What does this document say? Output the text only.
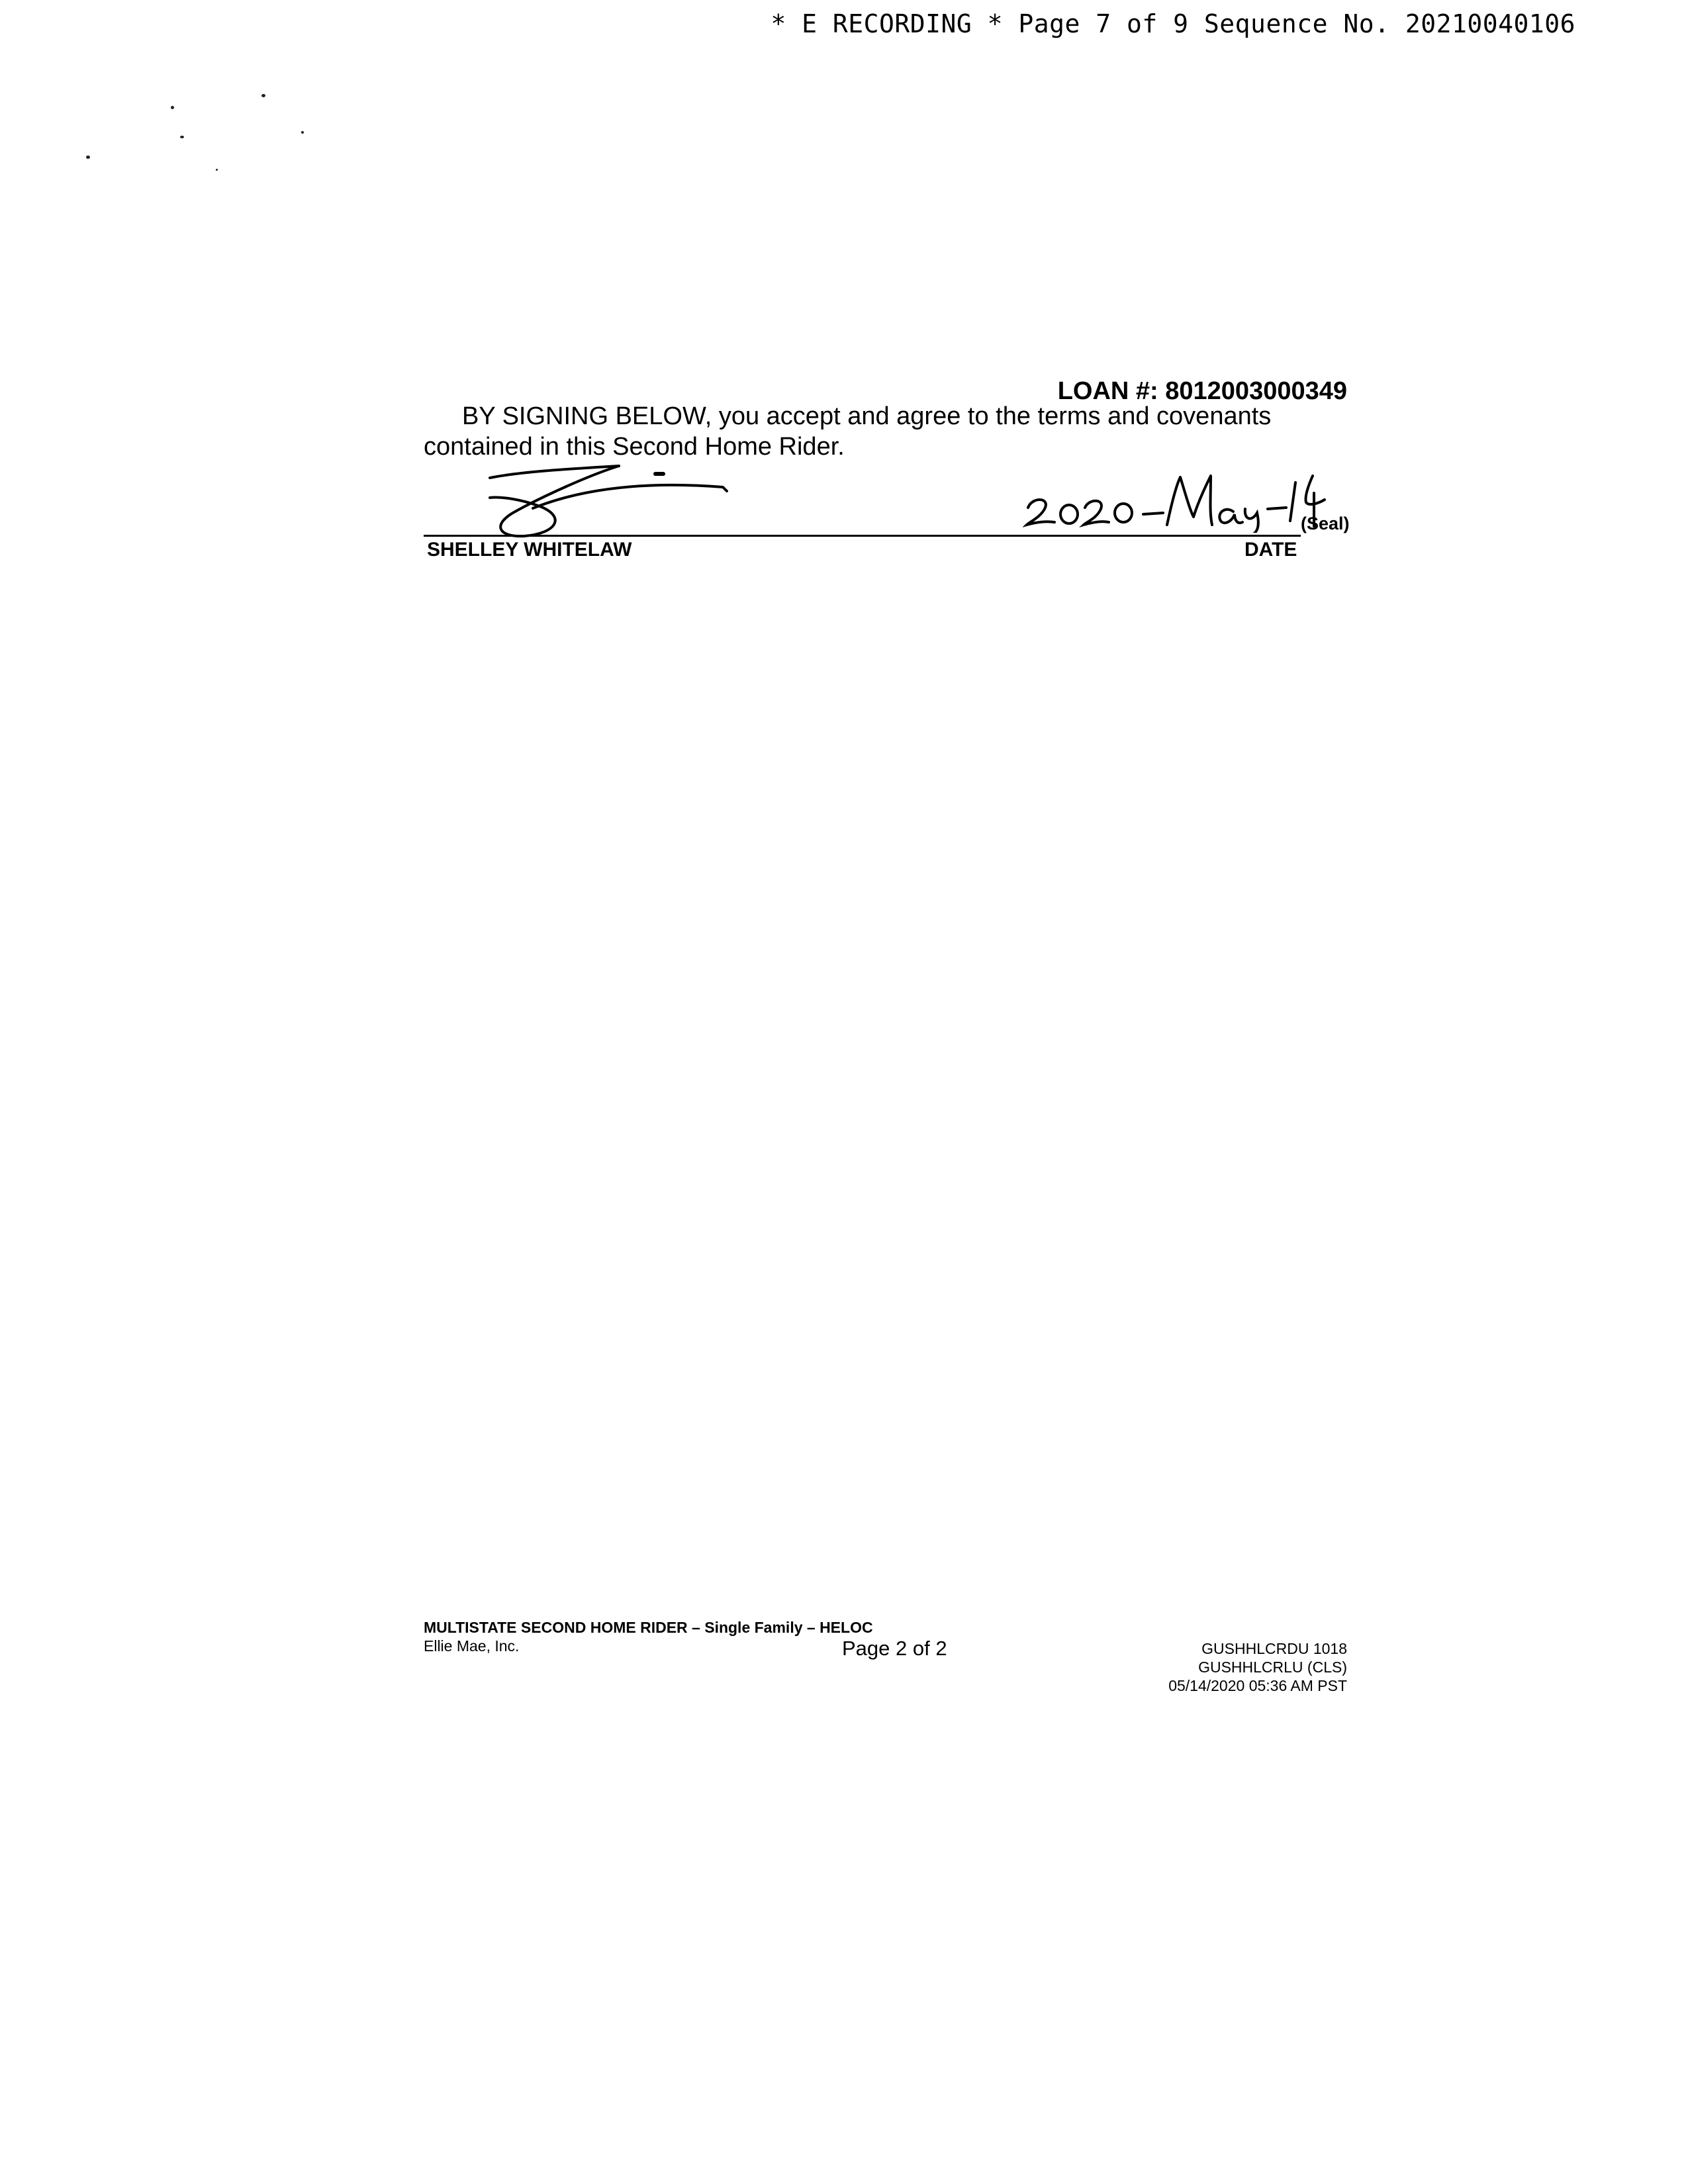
* E RECORDING * Page 7 of 9 Sequence No. 20210040106
LOAN #: 8012003000349
BY SIGNING BELOW, you accept and agree to the terms and covenants contained in this Second Home Rider.
(Seal)
SHELLEY WHITELAW	DATE
MULTISTATE SECOND HOME RIDER – Single Family – HELOC
Ellie Mae, Inc.	Page 2 of 2	GUSHHLCRDU 1018
GUSHHLCRLU (CLS)
05/14/2020 05:36 AM PST
